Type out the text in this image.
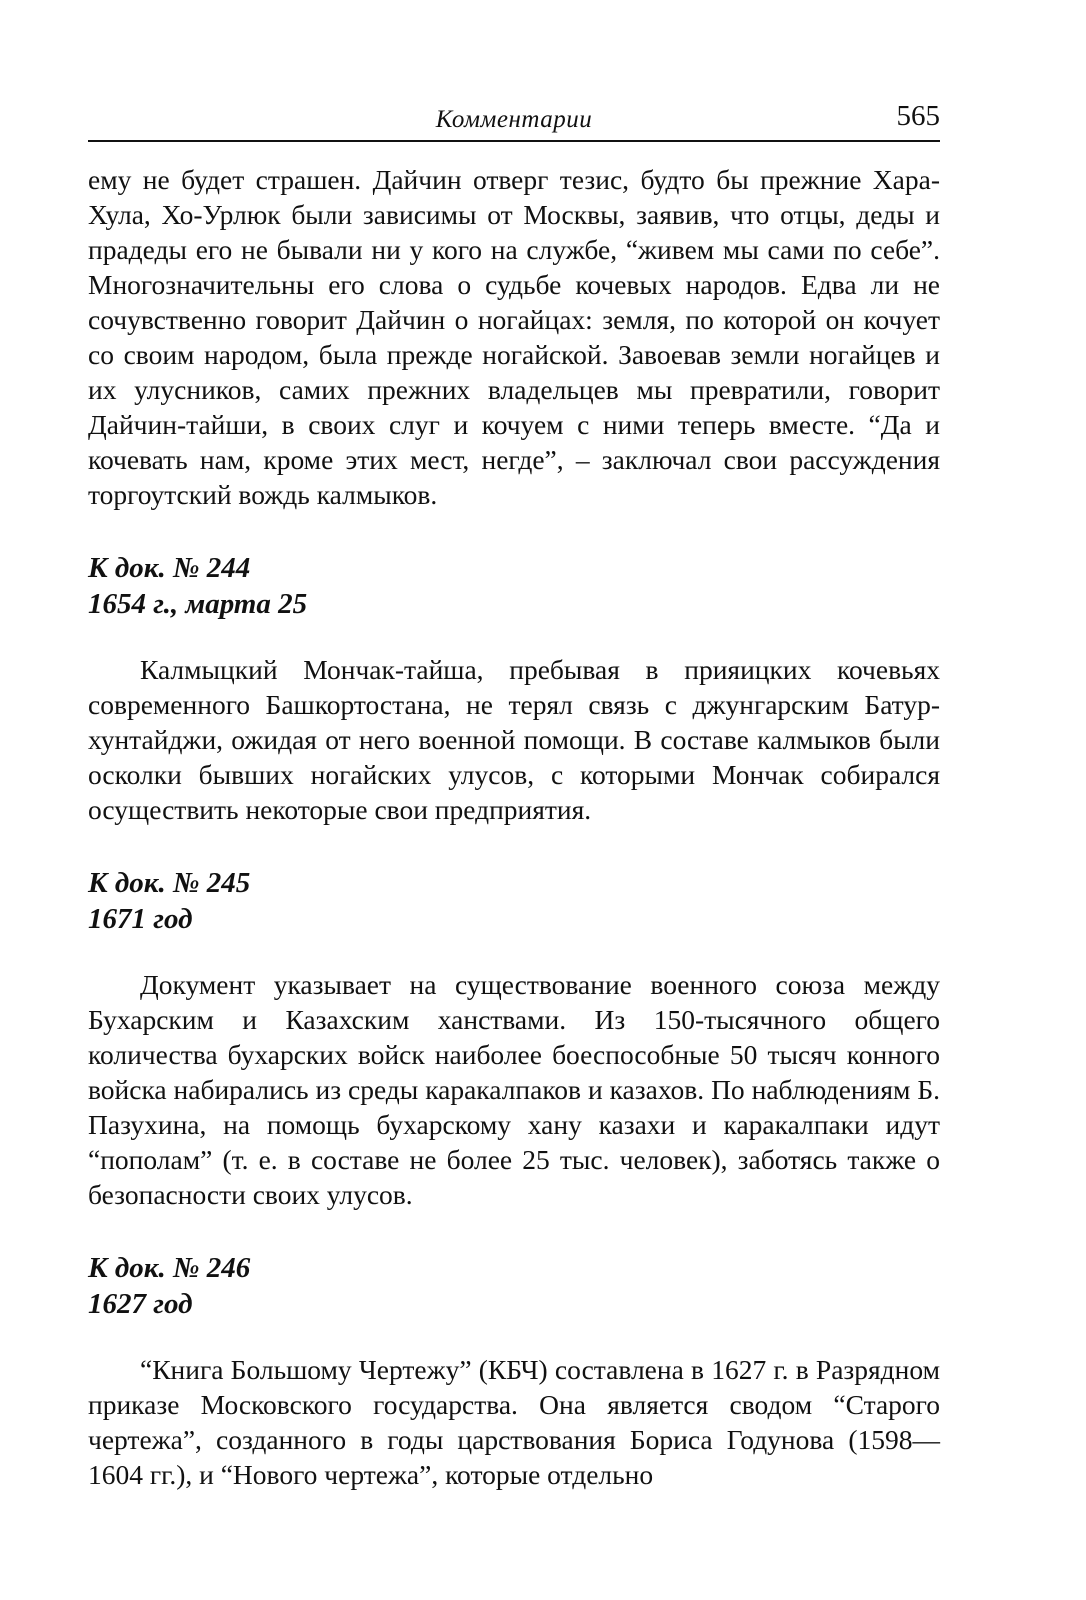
Комментарии	565

ему не будет страшен. Дайчин отверг тезис, будто бы прежние Хара-Хула, Хо-Урлюк были зависимы от Москвы, заявив, что отцы, деды и прадеды его не бывали ни у кого на службе, “живем мы сами по себе”. Многозначительны его слова о судьбе кочевых народов. Едва ли не сочувственно говорит Дайчин о ногайцах: земля, по которой он кочует со своим народом, была прежде ногайской. Завоевав земли ногайцев и их улусников, самих прежних владельцев мы превратили, говорит Дайчин-тайши, в своих слуг и кочуем с ними теперь вместе. “Да и кочевать нам, кроме этих мест, негде”, – заключал свои рассуждения торгоутский вождь калмыков.

К док. № 244
1654 г., марта 25

Калмыцкий Мончак-тайша, пребывая в прияицких кочевьях современного Башкортостана, не терял связь с джунгарским Батур-хунтайджи, ожидая от него военной помощи. В составе калмыков были осколки бывших ногайских улусов, с которыми Мончак собирался осуществить некоторые свои предприятия.

К док. № 245
1671 год

Документ указывает на существование военного союза между Бухарским и Казахским ханствами. Из 150-тысячного общего количества бухарских войск наиболее боеспособные 50 тысяч конного войска набирались из среды каракалпаков и казахов. По наблюдениям Б. Пазухина, на помощь бухарскому хану казахи и каракалпаки идут “пополам” (т. е. в составе не более 25 тыс. человек), заботясь также о безопасности своих улусов.

К док. № 246
1627 год

“Книга Большому Чертежу” (КБЧ) составлена в 1627 г. в Разрядном приказе Московского государства. Она является сводом “Старого чертежа”, созданного в годы царствования Бориса Годунова (1598—1604 гг.), и “Нового чертежа”, которые отдельно
